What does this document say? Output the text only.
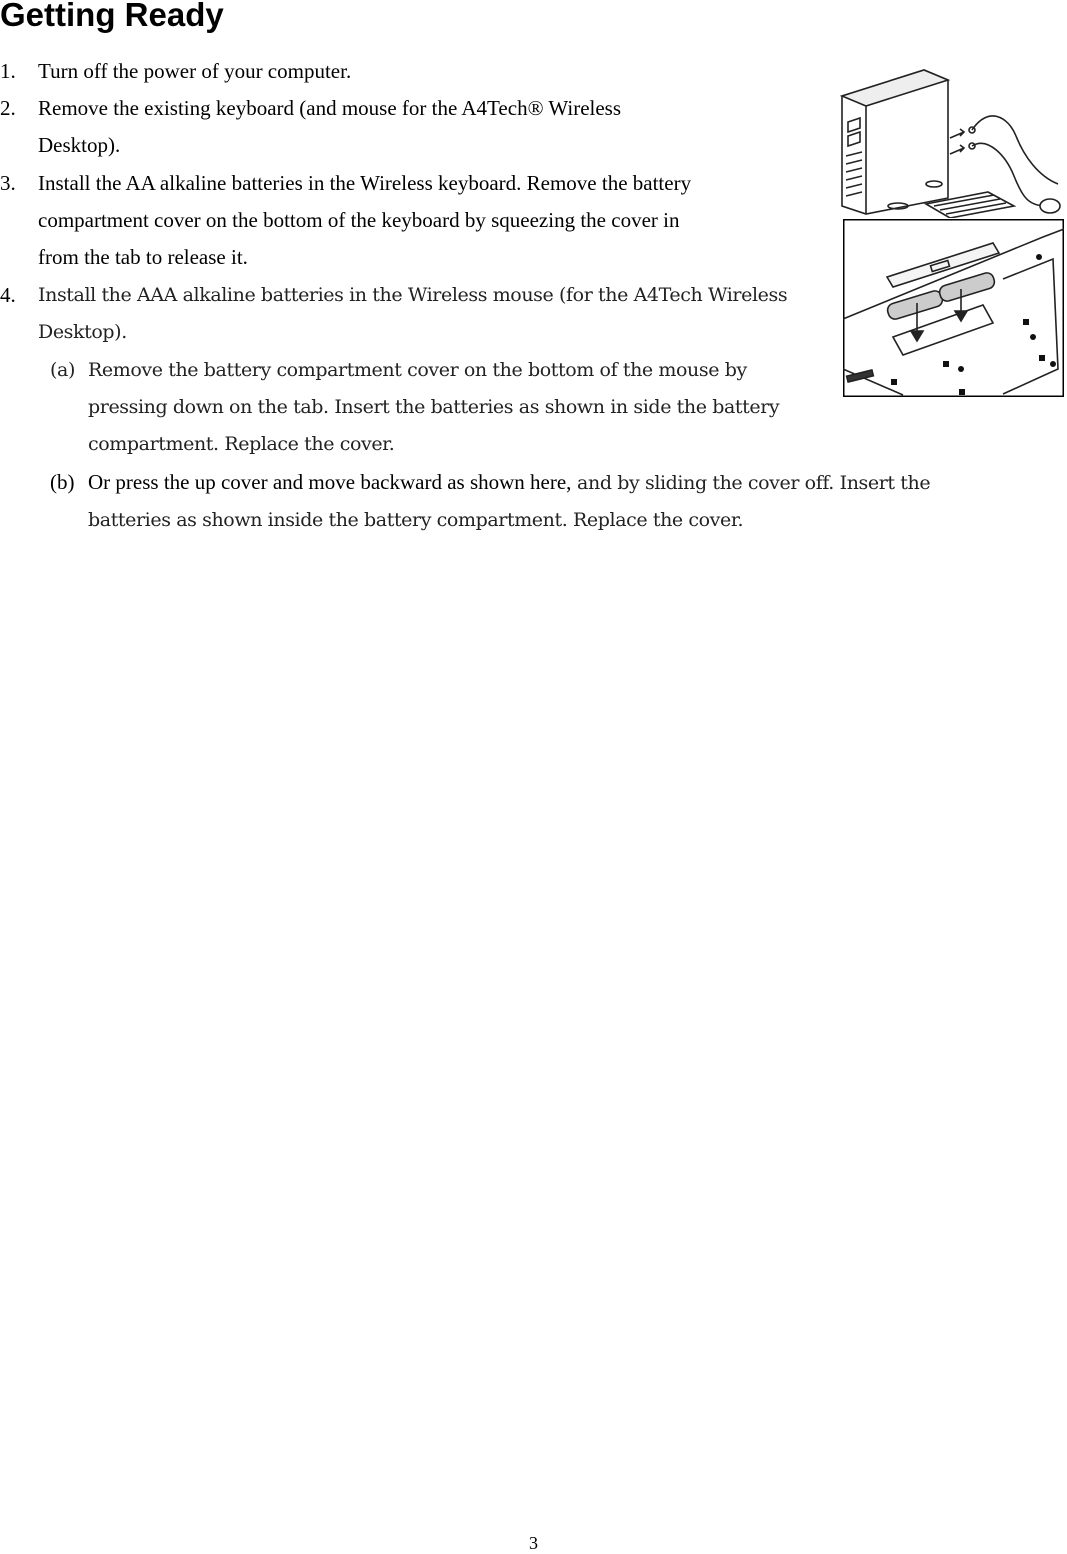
Getting Ready
1.	Turn off the power of your computer.
2.	Remove the existing keyboard (and mouse for the A4Tech® Wireless
Desktop).
3.	Install the AA alkaline batteries in the Wireless keyboard. Remove the battery
compartment cover on the bottom of the keyboard by squeezing the cover in
from the tab to release it.
4.	Install the AAA alkaline batteries in the Wireless mouse (for the A4Tech Wireless
Desktop).
(a) Remove the battery compartment cover on the bottom of the mouse by
pressing down on the tab. Insert the batteries as shown in side the battery
compartment. Replace the cover.
(b) Or press the up cover and move backward as shown here, and by sliding the cover off. Insert the
batteries as shown inside the battery compartment. Replace the cover.
3
